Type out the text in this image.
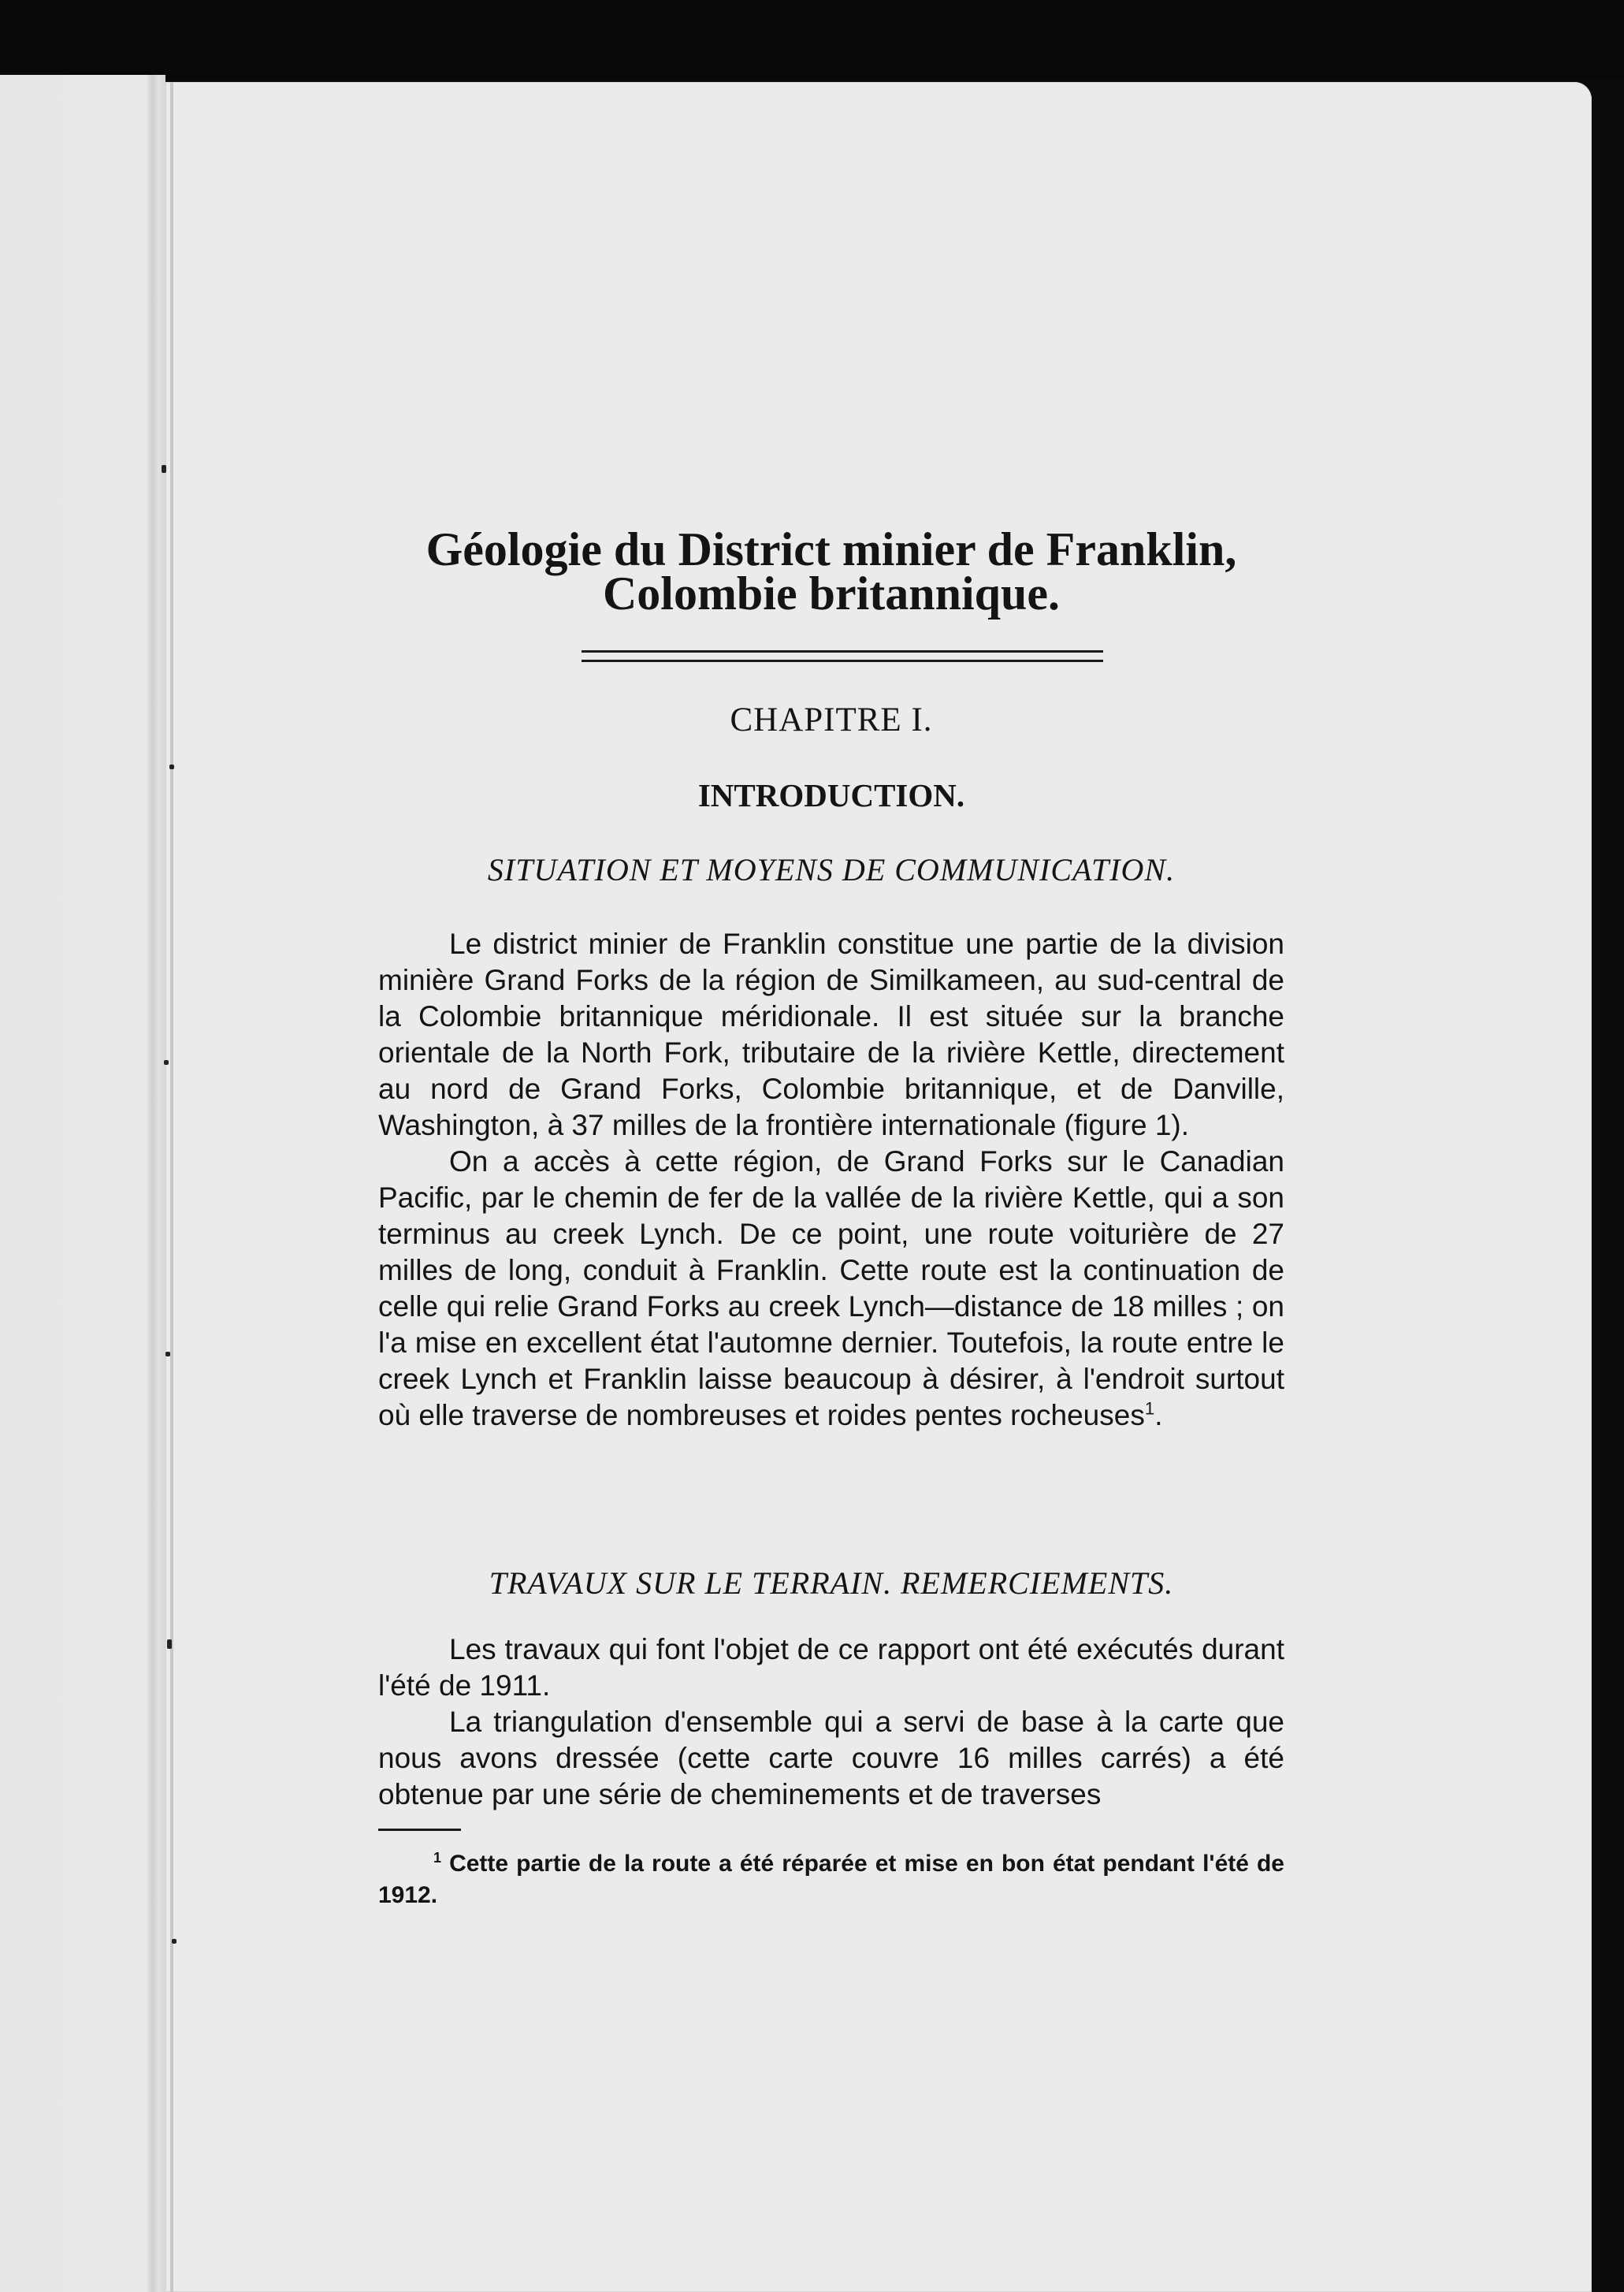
Géologie du District minier de Franklin,
Colombie britannique.
CHAPITRE I.
INTRODUCTION.
SITUATION ET MOYENS DE COMMUNICATION.

Le district minier de Franklin constitue une partie de la division minière Grand Forks de la région de Similkameen, au sud-central de la Colombie britannique méridionale. Il est située sur la branche orientale de la North Fork, tributaire de la rivière Kettle, directement au nord de Grand Forks, Colombie britannique, et de Danville, Washington, à 37 milles de la frontière internationale (figure 1).

On a accès à cette région, de Grand Forks sur le Canadian Pacific, par le chemin de fer de la vallée de la rivière Kettle, qui a son terminus au creek Lynch. De ce point, une route voiturière de 27 milles de long, conduit à Franklin. Cette route est la continuation de celle qui relie Grand Forks au creek Lynch—distance de 18 milles ; on l'a mise en excellent état l'automne dernier. Toutefois, la route entre le creek Lynch et Franklin laisse beaucoup à désirer, à l'endroit surtout où elle traverse de nombreuses et roides pentes rocheuses$^1$.

TRAVAUX SUR LE TERRAIN. REMERCIEMENTS.

Les travaux qui font l'objet de ce rapport ont été exécutés durant l'été de 1911.

La triangulation d'ensemble qui a servi de base à la carte que nous avons dressée (cette carte couvre 16 milles carrés) a été obtenue par une série de cheminements et de traverses

$^1$ Cette partie de la route a été réparée et mise en bon état pendant l'été de 1912.
